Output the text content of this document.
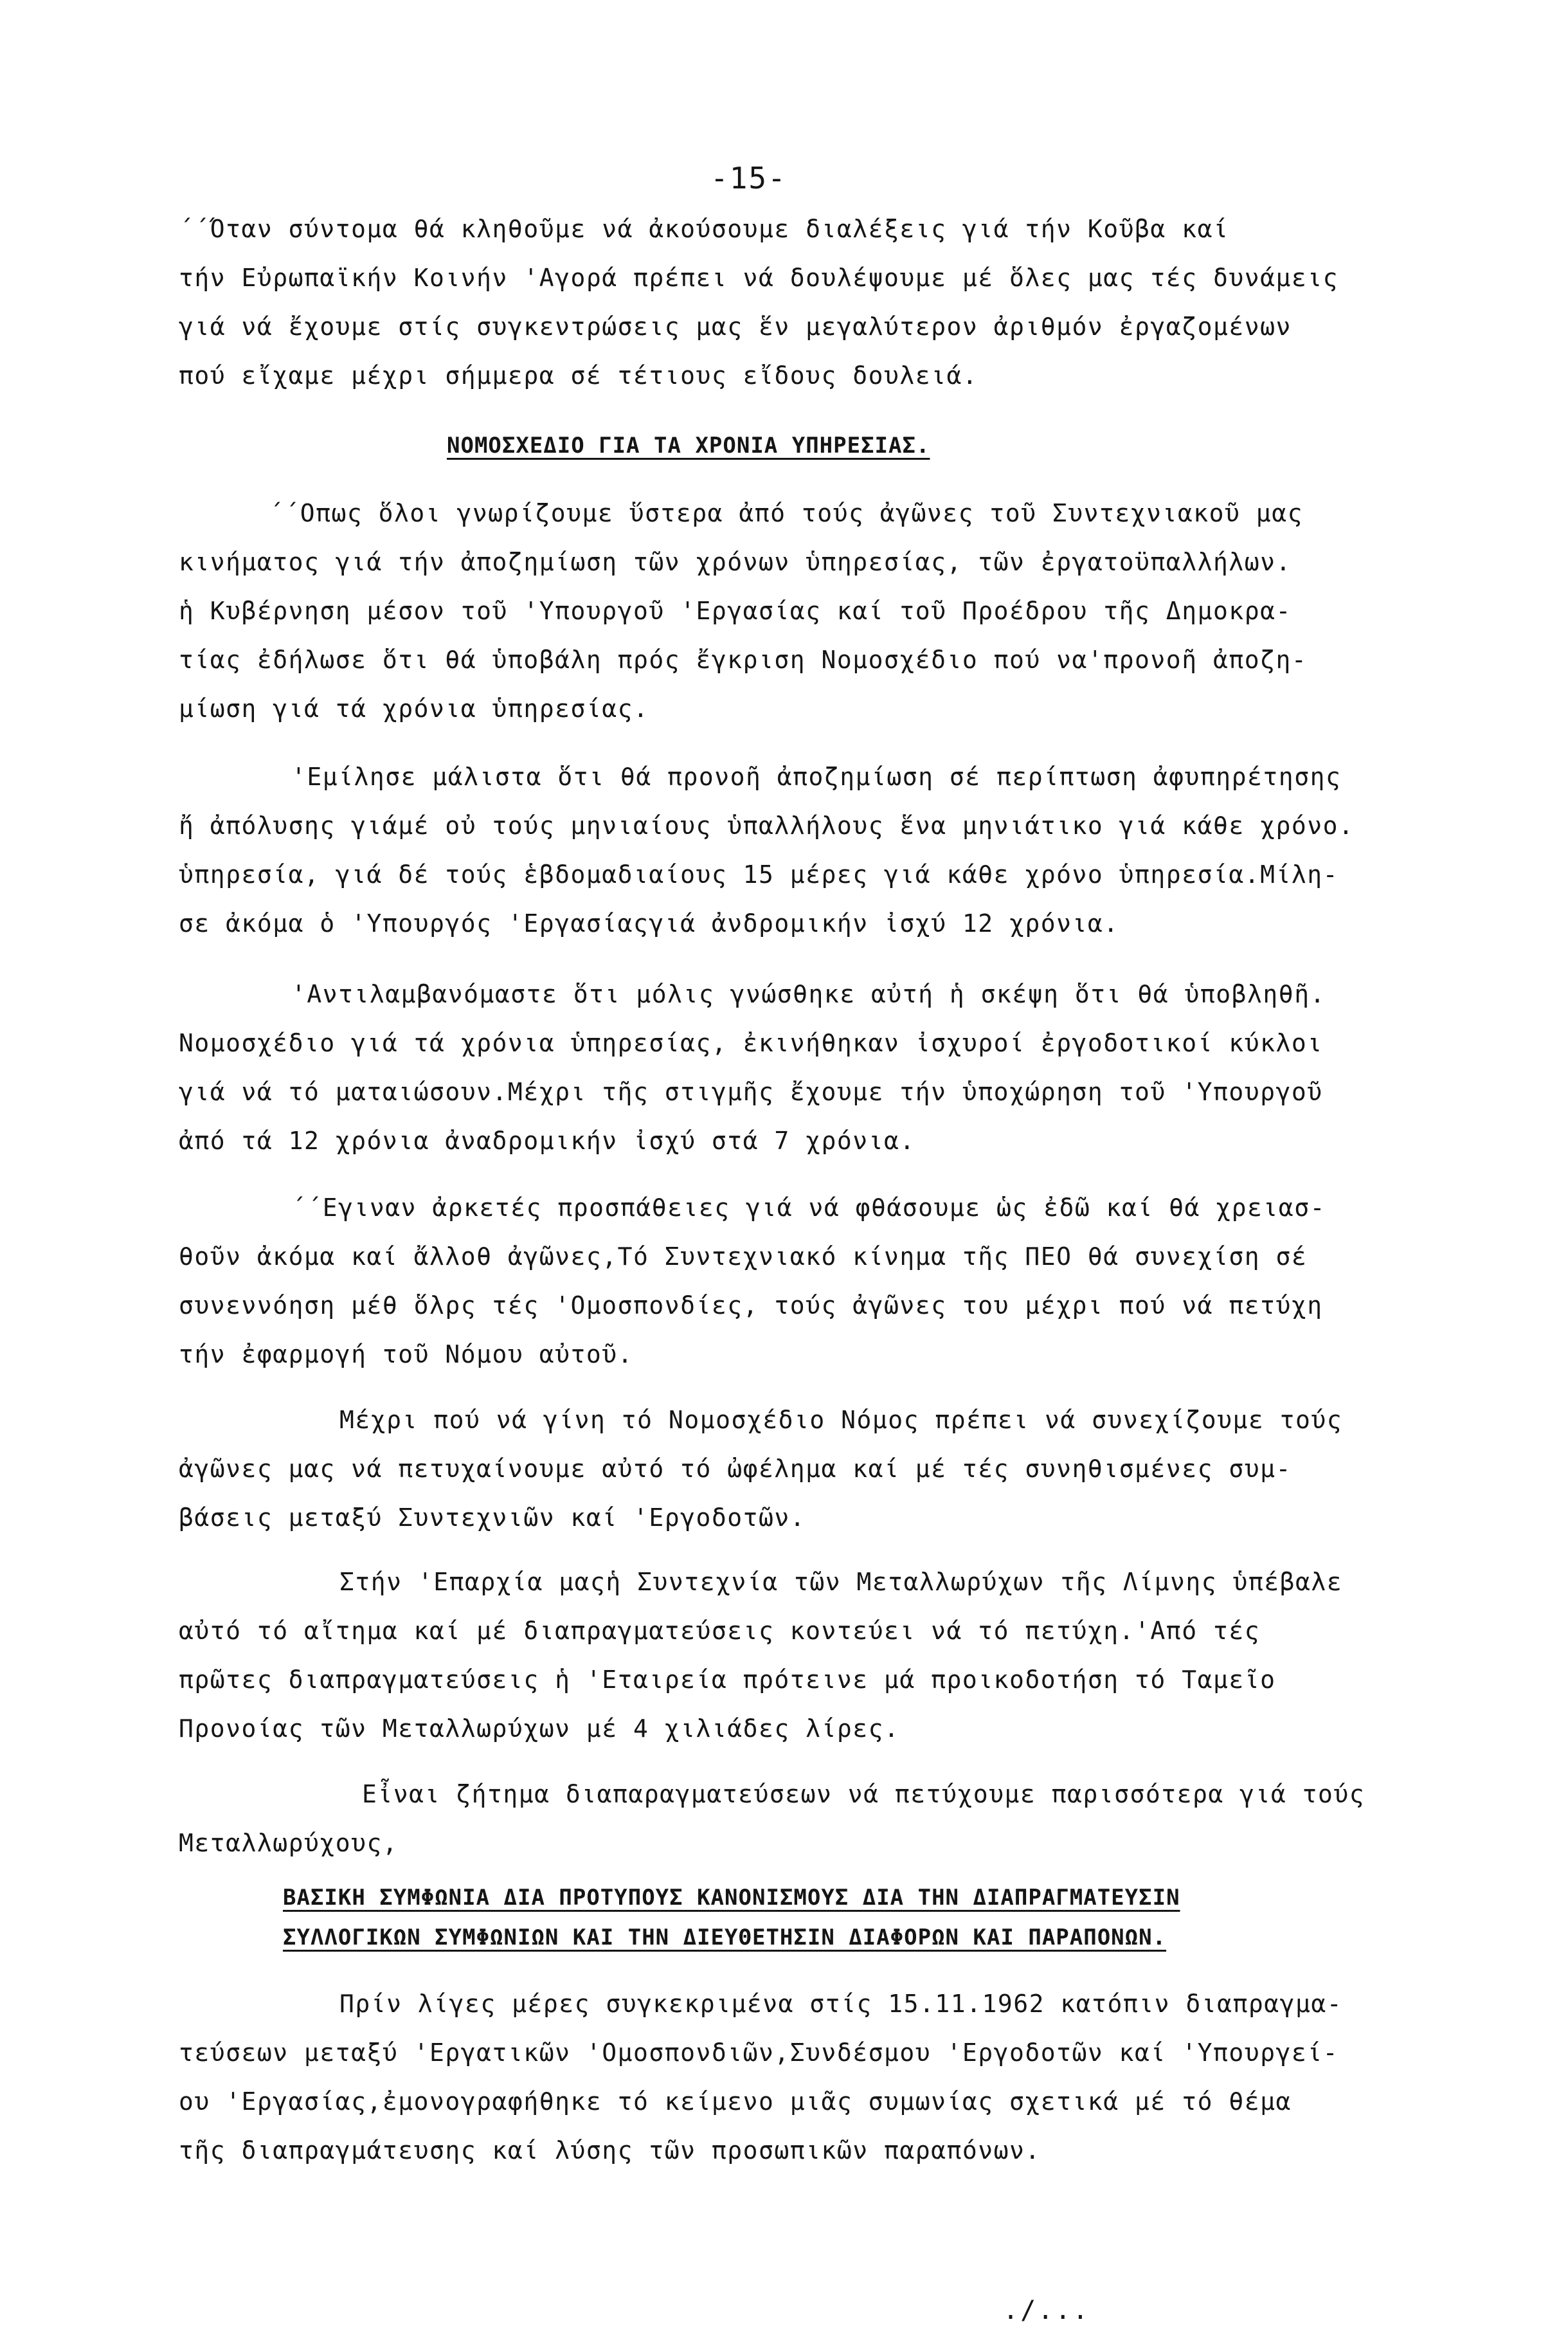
-15-

΄΄Όταν σύντομα θά κληθοῦμε νά ἀκούσουμε διαλέξεις γιά τήν Κοῦβα καί
τήν Εὐρωπαϊκήν Κοινήν 'Αγορά πρέπει νά δουλέψουμε μέ ὅλες μας τές δυνάμεις
γιά νά ἔχουμε στίς συγκεντρώσεις μας ἕν μεγαλύτερον ἀριθμόν ἐργαζομένων
πού εἴχαμε μέχρι σήμμερα σέ τέτιους εἴδους δουλειά.

ΝΟΜΟΣΧΕΔΙΟ ΓΙΑ ΤΑ ΧΡΟΝΙΑ ΥΠΗΡΕΣΙΑΣ.

΄΄Οπως ὅλοι γνωρίζουμε ὕστερα ἀπό τούς ἀγῶνες τοῦ Συντεχνιακοῦ μας
κινήματος γιά τήν ἀποζημίωση τῶν χρόνων ὑπηρεσίας, τῶν ἐργατοϋπαλλήλων.
ἡ Κυβέρνηση μέσον τοῦ 'Υπουργοῦ 'Εργασίας καί τοῦ Προέδρου τῆς Δημοκρα-
τίας ἐδήλωσε ὅτι θά ὑποβάλη πρός ἔγκριση Νομοσχέδιο πού να'προνοῆ ἀποζη-
μίωση γιά τά χρόνια ὑπηρεσίας.

'Εμίλησε μάλιστα ὅτι θά προνοῆ ἀποζημίωση σέ περίπτωση ἀφυπηρέτησης
ἤ ἀπόλυσης γιάμέ οὐ τούς μηνιαίους ὑπαλλήλους ἕνα μηνιάτικο γιά κάθε χρόνο.
ὑπηρεσία, γιά δέ τούς ἑβδομαδιαίους 15 μέρες γιά κάθε χρόνο ὑπηρεσία.Μίλη-
σε ἀκόμα ὁ 'Υπουργός 'Εργασίαςγιά ἀνδρομικήν ἰσχύ 12 χρόνια.

'Αντιλαμβανόμαστε ὅτι μόλις γνώσθηκε αὐτή ἡ σκέψη ὅτι θά ὑποβληθῆ.
Νομοσχέδιο γιά τά χρόνια ὑπηρεσίας, ἐκινήθηκαν ἰσχυροί ἐργοδοτικοί κύκλοι
γιά νά τό ματαιώσουν.Μέχρι τῆς στιγμῆς ἔχουμε τήν ὑποχώρηση τοῦ 'Υπουργοῦ
ἀπό τά 12 χρόνια ἀναδρομικήν ἰσχύ στά 7 χρόνια.

΄΄Εγιναν ἀρκετές προσπάθειες γιά νά φθάσουμε ὡς ἐδῶ καί θά χρειασ-
θοῦν ἀκόμα καί ἄλλοθ ἀγῶνες,Τό Συντεχνιακό κίνημα τῆς ΠΕΟ θά συνεχίση σέ
συνεννόηση μέθ ὅλρς τές 'Ομοσπονδίες, τούς ἀγῶνες του μέχρι πού νά πετύχη
τήν ἐφαρμογή τοῦ Νόμου αὐτοῦ.

Μέχρι πού νά γίνη τό Νομοσχέδιο Νόμος πρέπει νά συνεχίζουμε τούς
ἀγῶνες μας νά πετυχαίνουμε αὐτό τό ὠφέλημα καί μέ τές συνηθισμένες συμ-
βάσεις μεταξύ Συντεχνιῶν καί 'Εργοδοτῶν.

Στήν 'Επαρχία μαςἡ Συντεχνία τῶν Μεταλλωρύχων τῆς Λίμνης ὑπέβαλε
αὐτό τό αἴτημα καί μέ διαπραγματεύσεις κοντεύει νά τό πετύχη.'Από τές
πρῶτες διαπραγματεύσεις ἡ 'Εταιρεία πρότεινε μά προικοδοτήση τό Ταμεῖο
Προνοίας τῶν Μεταλλωρύχων μέ 4 χιλιάδες λίρες.

Εἶναι ζήτημα διαπαραγματεύσεων νά πετύχουμε παρισσότερα γιά τούς
Μεταλλωρύχους,

ΒΑΣΙΚΗ ΣΥΜΦΩΝΙΑ ΔΙΑ ΠΡΟΤΥΠΟΥΣ ΚΑΝΟΝΙΣΜΟΥΣ ΔΙΑ ΤΗΝ ΔΙΑΠΡΑΓΜΑΤΕΥΣΙΝ
ΣΥΛΛΟΓΙΚΩΝ ΣΥΜΦΩΝΙΩΝ ΚΑΙ ΤΗΝ ΔΙΕΥΘΕΤΗΣΙΝ ΔΙΑΦΟΡΩΝ ΚΑΙ ΠΑΡΑΠΟΝΩΝ.

Πρίν λίγες μέρες συγκεκριμένα στίς 15.11.1962 κατόπιν διαπραγμα-
τεύσεων μεταξύ 'Εργατικῶν 'Ομοσπονδιῶν,Συνδέσμου 'Εργοδοτῶν καί 'Υπουργεί-
ου 'Εργασίας,ἐμονογραφήθηκε τό κείμενο μιᾶς συμωνίας σχετικά μέ τό θέμα
τῆς διαπραγμάτευσης καί λύσης τῶν προσωπικῶν παραπόνων.

./...
